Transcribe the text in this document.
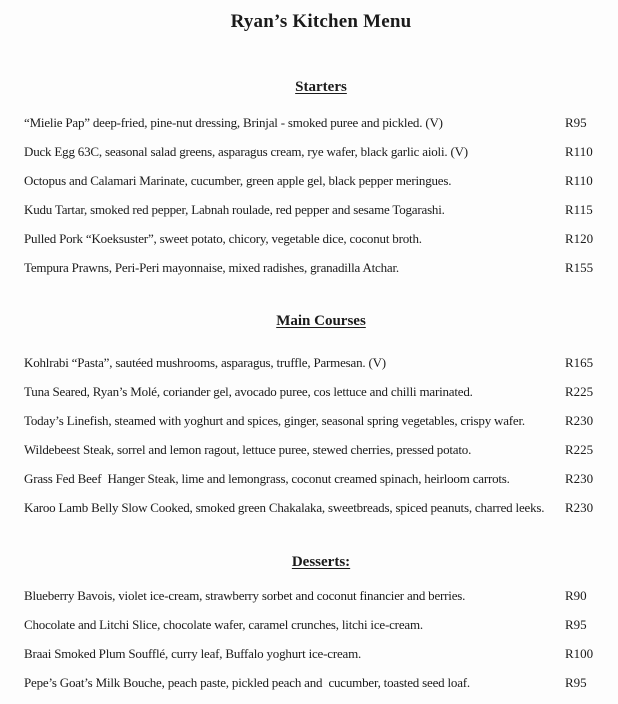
Ryan’s Kitchen Menu
Starters
“Mielie Pap” deep-fried, pine-nut dressing, Brinjal - smoked puree and pickled. (V)	R95
Duck Egg 63C, seasonal salad greens, asparagus cream, rye wafer, black garlic aioli. (V)	R110
Octopus and Calamari Marinate, cucumber, green apple gel, black pepper meringues.	R110
Kudu Tartar, smoked red pepper, Labnah roulade, red pepper and sesame Togarashi.	R115
Pulled Pork “Koeksuster”, sweet potato, chicory, vegetable dice, coconut broth.	R120
Tempura Prawns, Peri-Peri mayonnaise, mixed radishes, granadilla Atchar.	R155
Main Courses
Kohlrabi “Pasta”, sautéed mushrooms, asparagus, truffle, Parmesan. (V)	R165
Tuna Seared, Ryan’s Molé, coriander gel, avocado puree, cos lettuce and chilli marinated.	R225
Today’s Linefish, steamed with yoghurt and spices, ginger, seasonal spring vegetables, crispy wafer.	R230
Wildebeest Steak, sorrel and lemon ragout, lettuce puree, stewed cherries, pressed potato.	R225
Grass Fed Beef  Hanger Steak, lime and lemongrass, coconut creamed spinach, heirloom carrots.	R230
Karoo Lamb Belly Slow Cooked, smoked green Chakalaka, sweetbreads, spiced peanuts, charred leeks.	R230
Desserts:
Blueberry Bavois, violet ice-cream, strawberry sorbet and coconut financier and berries.	R90
Chocolate and Litchi Slice, chocolate wafer, caramel crunches, litchi ice-cream.	R95
Braai Smoked Plum Soufflé, curry leaf, Buffalo yoghurt ice-cream.	R100
Pepe’s Goat’s Milk Bouche, peach paste, pickled peach and  cucumber, toasted seed loaf.	R95
